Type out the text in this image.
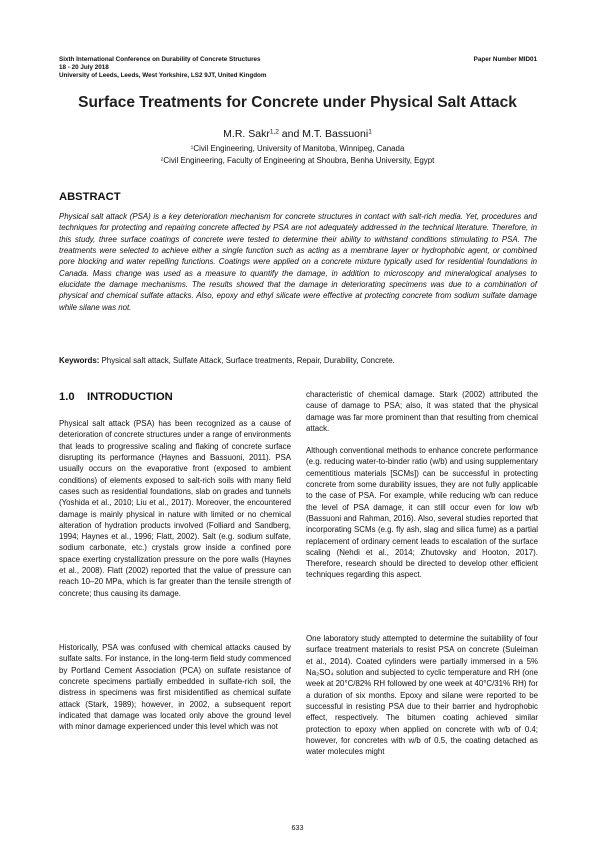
Sixth International Conference on Durability of Concrete Structures
18 - 20 July 2018
University of Leeds, Leeds, West Yorkshire, LS2 9JT, United Kingdom
Paper Number MID01
Surface Treatments for Concrete under Physical Salt Attack
M.R. Sakr$^{1,2}$ and M.T. Bassuoni$^1$
$^1$Civil Engineering, University of Manitoba, Winnipeg, Canada
$^2$Civil Engineering, Faculty of Engineering at Shoubra, Benha University, Egypt
ABSTRACT

Physical salt attack (PSA) is a key deterioration mechanism for concrete structures in contact with salt-rich media. Yet, procedures and techniques for protecting and repairing concrete affected by PSA are not adequately addressed in the technical literature. Therefore, in this study, three surface coatings of concrete were tested to determine their ability to withstand conditions stimulating to PSA. The treatments were selected to achieve either a single function such as acting as a membrane layer or hydrophobic agent, or combined pore blocking and water repelling functions. Coatings were applied on a concrete mixture typically used for residential foundations in Canada. Mass change was used as a measure to quantify the damage, in addition to microscopy and mineralogical analyses to elucidate the damage mechanisms. The results showed that the damage in deteriorating specimens was due to a combination of physical and chemical sulfate attacks. Also, epoxy and ethyl silicate were effective at protecting concrete from sodium sulfate damage while silane was not.

Keywords: Physical salt attack, Sulfate Attack, Surface treatments, Repair, Durability, Concrete.

1.0    INTRODUCTION

Physical salt attack (PSA) has been recognized as a cause of deterioration of concrete structures under a range of environments that leads to progressive scaling and flaking of concrete surface disrupting its performance (Haynes and Bassuoni, 2011). PSA usually occurs on the evaporative front (exposed to ambient conditions) of elements exposed to salt-rich soils with many field cases such as residential foundations, slab on grades and tunnels (Yoshida et al., 2010; Liu et al., 2017). Moreover, the encountered damage is mainly physical in nature with limited or no chemical alteration of hydration products involved (Folliard and Sandberg, 1994; Haynes et al., 1996; Flatt, 2002). Salt (e.g. sodium sulfate, sodium carbonate, etc.) crystals grow inside a confined pore space exerting crystallization pressure on the pore walls (Haynes et al., 2008). Flatt (2002) reported that the value of pressure can reach 10–20 MPa, which is far greater than the tensile strength of concrete; thus causing its damage.

Historically, PSA was confused with chemical attacks caused by sulfate salts. For instance, in the long-term field study commenced by Portland Cement Association (PCA) on sulfate resistance of concrete specimens partially embedded in sulfate-rich soil, the distress in specimens was first misidentified as chemical sulfate attack (Stark, 1989); however, in 2002, a subsequent report indicated that damage was located only above the ground level with minor damage experienced under this level which was not

characteristic of chemical damage. Stark (2002) attributed the cause of damage to PSA; also, it was stated that the physical damage was far more prominent than that resulting from chemical attack.

Although conventional methods to enhance concrete performance (e.g. reducing water-to-binder ratio (w/b) and using supplementary cementitious materials [SCMs]) can be successful in protecting concrete from some durability issues, they are not fully applicable to the case of PSA. For example, while reducing w/b can reduce the level of PSA damage, it can still occur even for low w/b (Bassuoni and Rahman, 2016). Also, several studies reported that incorporating SCMs (e.g. fly ash, slag and silica fume) as a partial replacement of ordinary cement leads to escalation of the surface scaling (Nehdi et al., 2014; Zhutovsky and Hooton, 2017). Therefore, research should be directed to develop other efficient techniques regarding this aspect.

One laboratory study attempted to determine the suitability of four surface treatment materials to resist PSA on concrete (Suleiman et al., 2014). Coated cylinders were partially immersed in a 5% Na₂SO₄ solution and subjected to cyclic temperature and RH (one week at 20°C/82% RH followed by one week at 40°C/31% RH) for a duration of six months. Epoxy and silane were reported to be successful in resisting PSA due to their barrier and hydrophobic effect, respectively. The bitumen coating achieved similar protection to epoxy when applied on concrete with w/b of 0.4; however, for concretes with w/b of 0.5, the coating detached as water molecules might

633
